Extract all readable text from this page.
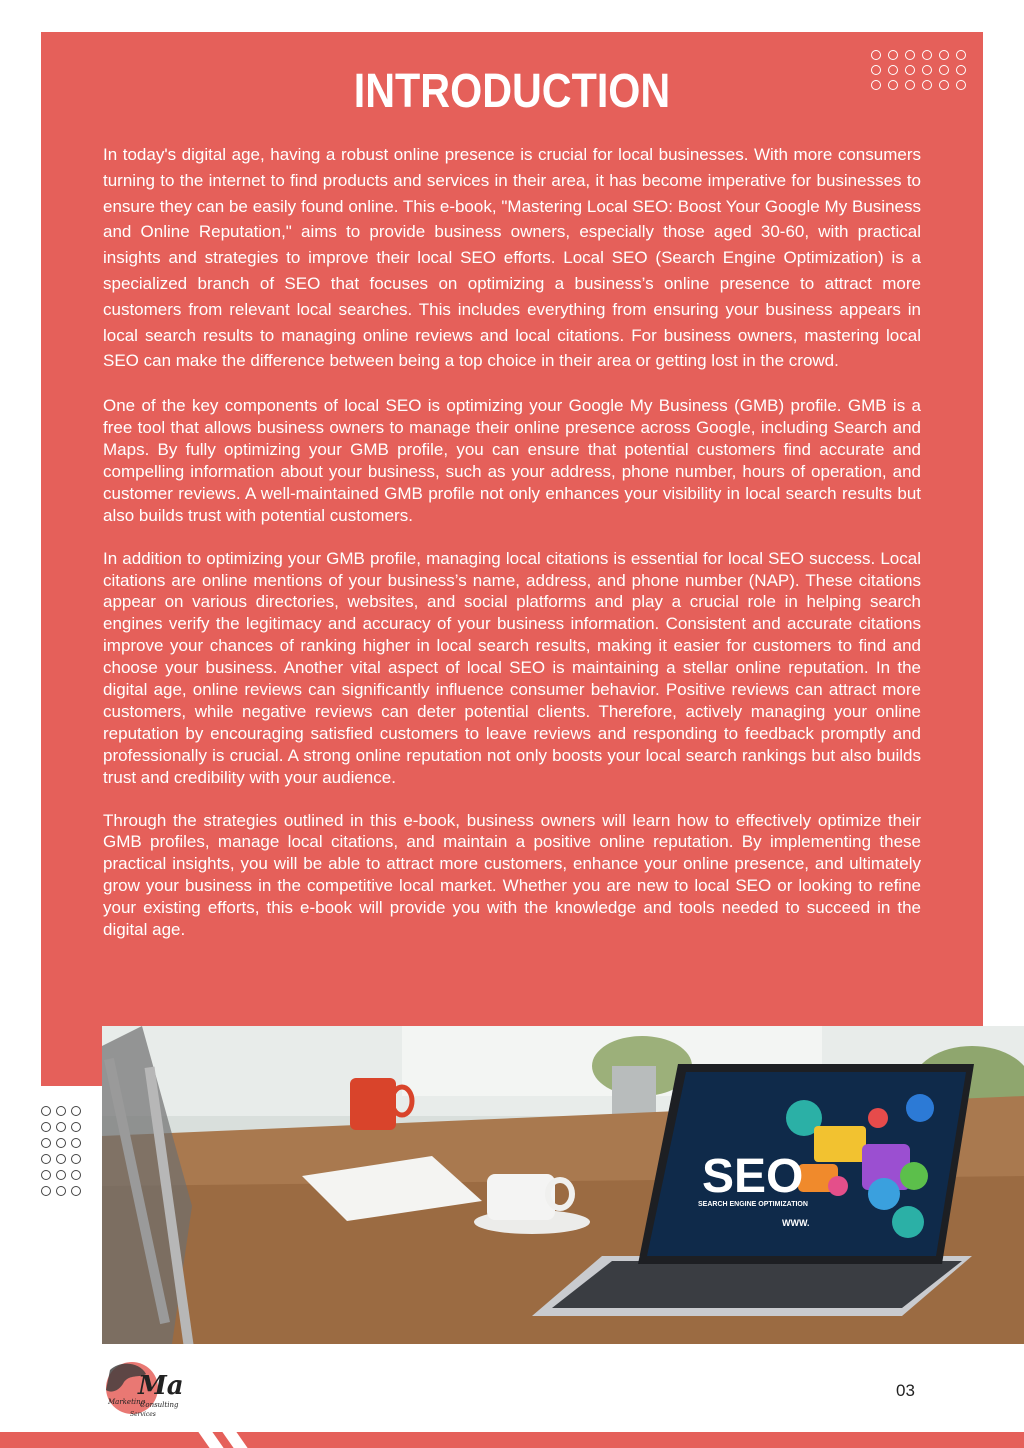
INTRODUCTION

In today's digital age, having a robust online presence is crucial for local businesses. With more consumers turning to the internet to find products and services in their area, it has become imperative for businesses to ensure they can be easily found online. This e-book, "Mastering Local SEO: Boost Your Google My Business and Online Reputation," aims to provide business owners, especially those aged 30-60, with practical insights and strategies to improve their local SEO efforts. Local SEO (Search Engine Optimization) is a specialized branch of SEO that focuses on optimizing a business’s online presence to attract more customers from relevant local searches. This includes everything from ensuring your business appears in local search results to managing online reviews and local citations. For business owners, mastering local SEO can make the difference between being a top choice in their area or getting lost in the crowd.

One of the key components of local SEO is optimizing your Google My Business (GMB) profile. GMB is a free tool that allows business owners to manage their online presence across Google, including Search and Maps. By fully optimizing your GMB profile, you can ensure that potential customers find accurate and compelling information about your business, such as your address, phone number, hours of operation, and customer reviews. A well-maintained GMB profile not only enhances your visibility in local search results but also builds trust with potential customers.

In addition to optimizing your GMB profile, managing local citations is essential for local SEO success. Local citations are online mentions of your business’s name, address, and phone number (NAP). These citations appear on various directories, websites, and social platforms and play a crucial role in helping search engines verify the legitimacy and accuracy of your business information. Consistent and accurate citations improve your chances of ranking higher in local search results, making it easier for customers to find and choose your business. Another vital aspect of local SEO is maintaining a stellar online reputation. In the digital age, online reviews can significantly influence consumer behavior. Positive reviews can attract more customers, while negative reviews can deter potential clients. Therefore, actively managing your online reputation by encouraging satisfied customers to leave reviews and responding to feedback promptly and professionally is crucial. A strong online reputation not only boosts your local search rankings but also builds trust and credibility with your audience.

Through the strategies outlined in this e-book, business owners will learn how to effectively optimize their GMB profiles, manage local citations, and maintain a positive online reputation. By implementing these practical insights, you will be able to attract more customers, enhance your online presence, and ultimately grow your business in the competitive local market. Whether you are new to local SEO or looking to refine your existing efforts, this e-book will provide you with the knowledge and tools needed to succeed in the digital age.

SEO
SEARCH ENGINE OPTIMIZATION
WWW.
Ma
Marketing
Consulting
Services
03
